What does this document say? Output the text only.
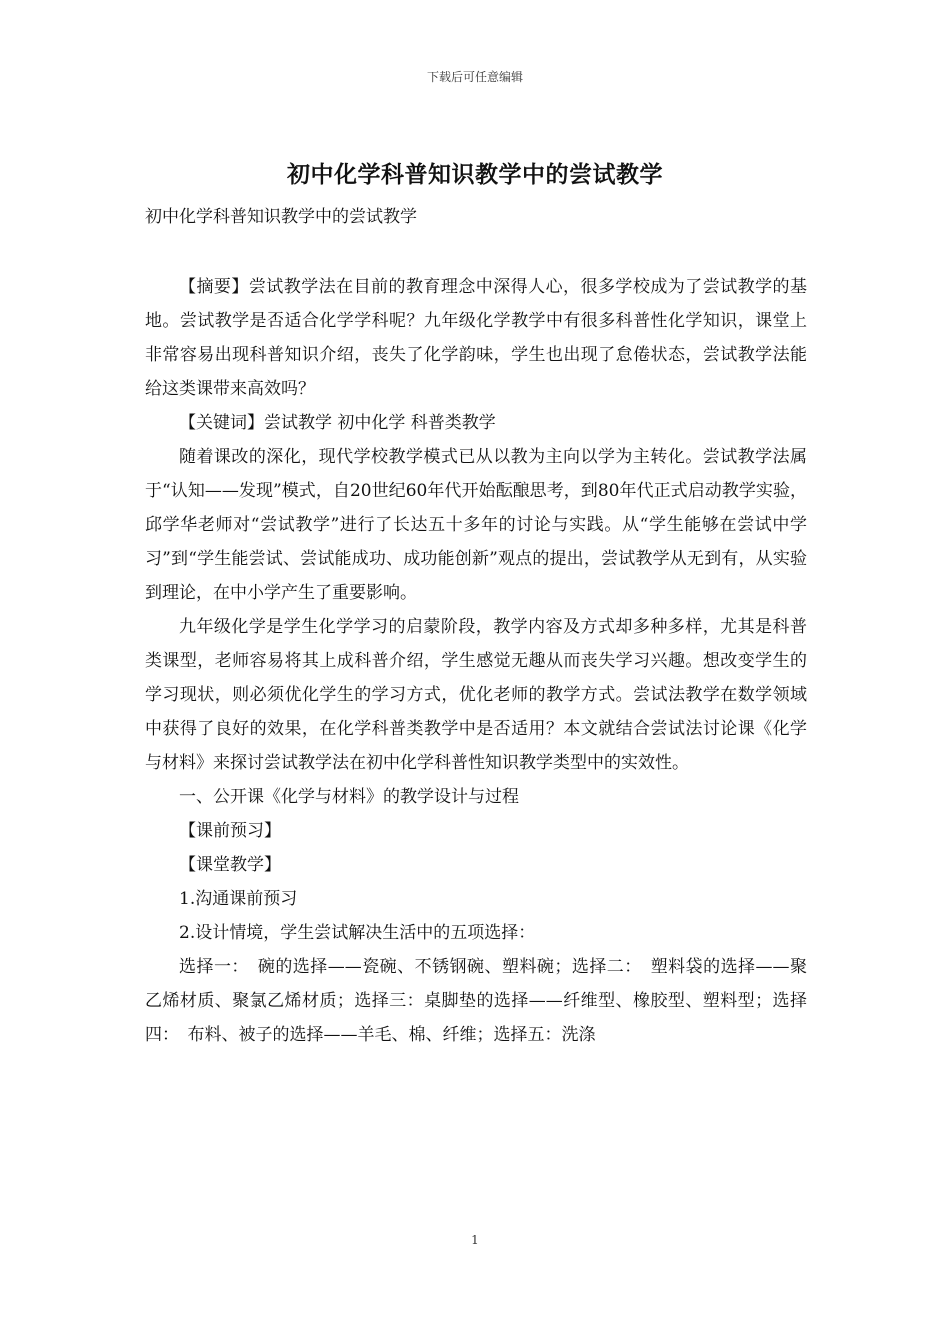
下载后可任意编辑
初中化学科普知识教学中的尝试教学
初中化学科普知识教学中的尝试教学

【摘要】尝试教学法在目前的教育理念中深得人心，很多学校成为了尝试教学的基地。尝试教学是否适合化学学科呢？九年级化学教学中有很多科普性化学知识，课堂上非常容易出现科普知识介绍，丧失了化学韵味，学生也出现了怠倦状态，尝试教学法能给这类课带来高效吗？

【关键词】尝试教学 初中化学 科普类教学

随着课改的深化，现代学校教学模式已从以教为主向以学为主转化。尝试教学法属于“认知——发现”模式，自20世纪60年代开始酝酿思考，到80年代正式启动教学实验，邱学华老师对“尝试教学”进行了长达五十多年的讨论与实践。从“学生能够在尝试中学习”到“学生能尝试、尝试能成功、成功能创新”观点的提出，尝试教学从无到有，从实验到理论，在中小学产生了重要影响。

九年级化学是学生化学学习的启蒙阶段，教学内容及方式却多种多样，尤其是科普类课型，老师容易将其上成科普介绍，学生感觉无趣从而丧失学习兴趣。想改变学生的学习现状，则必须优化学生的学习方式，优化老师的教学方式。尝试法教学在数学领域中获得了良好的效果，在化学科普类教学中是否适用？本文就结合尝试法讨论课《化学与材料》来探讨尝试教学法在初中化学科普性知识教学类型中的实效性。

一、公开课《化学与材料》的教学设计与过程

【课前预习】

【课堂教学】

1.沟通课前预习

2.设计情境，学生尝试解决生活中的五项选择：

选择一：　碗的选择——瓷碗、不锈钢碗、塑料碗；选择二：　塑料袋的选择——聚乙烯材质、聚氯乙烯材质；选择三：桌脚垫的选择——纤维型、橡胶型、塑料型；选择四：　布料、被子的选择——羊毛、棉、纤维；选择五：洗涤

1
